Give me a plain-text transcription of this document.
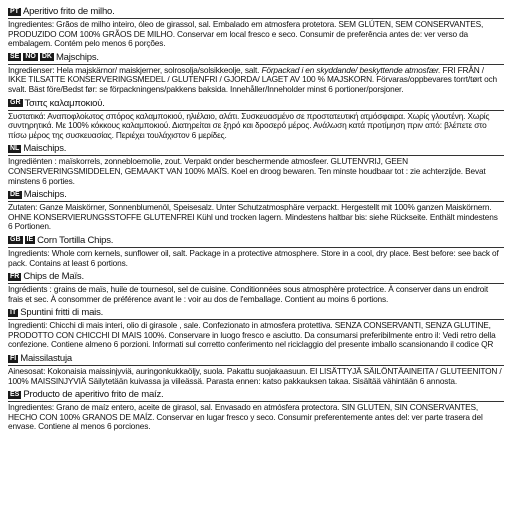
PT Aperitivo frito de milho.
Ingredientes: Grãos de milho inteiro, óleo de girassol, sal. Embalado em atmosfera protetora. SEM GLÚTEN, SEM CONSERVANTES, PRODUZIDO COM 100% GRÃOS DE MILHO. Conservar em local fresco e seco. Consumir de preferência antes de: ver verso da embalagem. Contém pelo menos 6 porções.
SE NO DK Majschips.
Ingredienser: Hela majskärnor/ maiskjerner, solrosolja/solsikkeolje, salt. Förpackad i en skyddande/ beskyttende atmosfær. FRI FRÅN / IKKE TILSATTE KONSERVERINGSMEDEL / GLUTENFRI / GJORDA/ LAGET AV 100 % MAJSKORN. Förvaras/oppbevares torrt/tørt och svalt. Bäst före/Bedst før: se förpackningens/pakkens baksida. Innehåller/Inneholder minst 6 portioner/porsjoner.
GR Τσιπς καλαμποκιού.
Συστατικά: Αναποφλοίωτος σπόρος καλαμποκιού, ηλιέλαιο, αλάτι. Συσκευασμένο σε προστατευτική ατμόσφαιρα. Χωρίς γλουτένη. Χωρίς συντηρητικά. Με 100% κόκκους καλαμποκιού. Διατηρείται σε ξηρό και δροσερό μέρος. Ανάλωση κατά προτίμηση πριν από: βλέπετε στο πίσω μέρος της συσκευασίας. Περιέχει τουλάχιστον 6 μερίδες.
NL Maischips.
Ingrediënten : maïskorrels, zonnebloemolie, zout. Verpakt onder beschermende atmosfeer. GLUTENVRIJ, GEEN CONSERVERINGSMIDDELEN, GEMAAKT VAN 100% MAÏS. Koel en droog bewaren. Ten minste houdbaar tot : zie achterzijde. Bevat minstens 6 porties.
DE Maischips.
Zutaten: Ganze Maiskörner, Sonnenblumenöl, Speisesalz. Unter Schutzatmosphäre verpackt. Hergestellt mit 100% ganzen Maiskörnern. OHNE KONSERVIERUNGSSTOFFE GLUTENFREI Kühl und trocken lagern. Mindestens haltbar bis: siehe Rückseite. Enthält mindestens 6 Portionen.
GB IE Corn Tortilla Chips.
Ingredients: Whole corn kernels, sunflower oil, salt. Package in a protective atmosphere. Store in a cool, dry place. Best before: see back of pack. Contains at least 6 portions.
FR Chips de Maïs.
Ingrédients : grains de maïs, huile de tournesol, sel de cuisine. Conditionnées sous atmosphère protectrice. À conserver dans un endroit frais et sec. À consommer de préférence avant le : voir au dos de l'emballage. Contient au moins 6 portions.
IT Spuntini fritti di mais.
Ingredienti: Chicchi di mais interi, olio di girasole , sale. Confezionato in atmosfera protettiva. SENZA CONSERVANTI, SENZA GLUTINE, PRODOTTO CON CHICCHI DI MAIS 100%. Conservare in luogo fresco e asciutto. Da consumarsi preferibilmente entro il: Vedi retro della confezione. Contiene almeno 6 porzioni. Informati sul corretto conferimento nel riciclaggio del presente imballo scansionando il codice QR
FI Maissilastuja
Ainesosat: Kokonaisia maissinjyviä, auringonkukkaöljy, suola. Pakattu suojakaasuun. EI LISÄTTYJÄ SÄILÖNTÄAINEITA / GLUTEENITON / 100% MAISSINJYVIÄ Säilytetään kuivassa ja viileässä. Parasta ennen: katso pakkauksen takaa. Sisältää vähintään 6 annosta.
ES Producto de aperitivo frito de maíz.
Ingredientes: Grano de maíz entero, aceite de girasol, sal. Envasado en atmósfera protectora. SIN GLUTEN, SIN CONSERVANTES, HECHO CON 100% GRANOS DE MAÍZ. Conservar en lugar fresco y seco. Consumir preferentemente antes del: ver parte trasera del envase. Contiene al menos 6 porciones.
